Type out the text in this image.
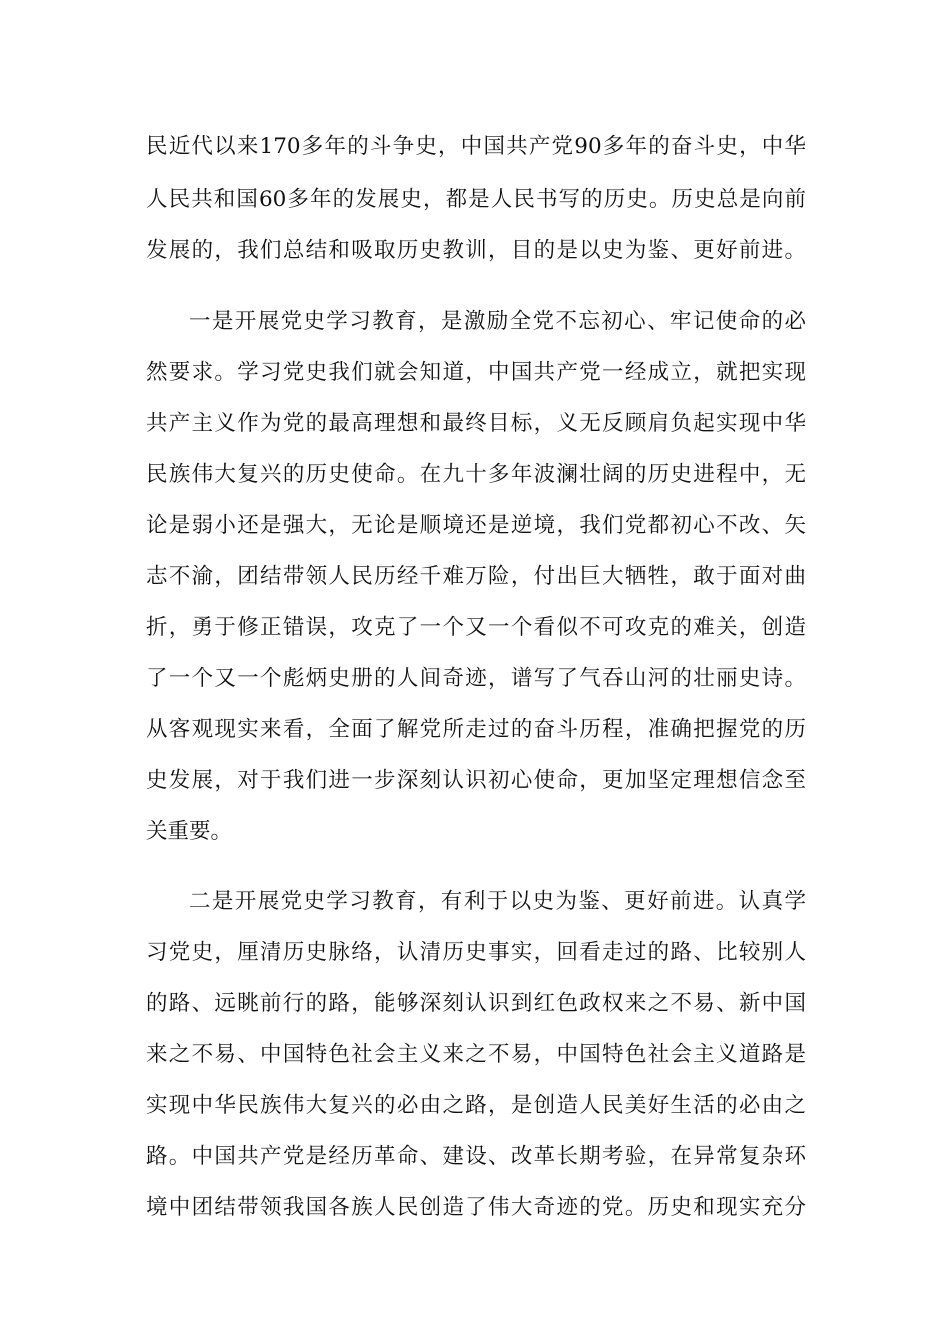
民近代以来170多年的斗争史，中国共产党90多年的奋斗史，中华
人民共和国60多年的发展史，都是人民书写的历史。历史总是向前
发展的，我们总结和吸取历史教训，目的是以史为鉴、更好前进。
一是开展党史学习教育，是激励全党不忘初心、牢记使命的必
然要求。学习党史我们就会知道，中国共产党一经成立，就把实现
共产主义作为党的最高理想和最终目标，义无反顾肩负起实现中华
民族伟大复兴的历史使命。在九十多年波澜壮阔的历史进程中，无
论是弱小还是强大，无论是顺境还是逆境，我们党都初心不改、矢
志不渝，团结带领人民历经千难万险，付出巨大牺牲，敢于面对曲
折，勇于修正错误，攻克了一个又一个看似不可攻克的难关，创造
了一个又一个彪炳史册的人间奇迹，谱写了气吞山河的壮丽史诗。
从客观现实来看，全面了解党所走过的奋斗历程，准确把握党的历
史发展，对于我们进一步深刻认识初心使命，更加坚定理想信念至
关重要。
二是开展党史学习教育，有利于以史为鉴、更好前进。认真学
习党史，厘清历史脉络，认清历史事实，回看走过的路、比较别人
的路、远眺前行的路，能够深刻认识到红色政权来之不易、新中国
来之不易、中国特色社会主义来之不易，中国特色社会主义道路是
实现中华民族伟大复兴的必由之路，是创造人民美好生活的必由之
路。中国共产党是经历革命、建设、改革长期考验，在异常复杂环
境中团结带领我国各族人民创造了伟大奇迹的党。历史和现实充分
